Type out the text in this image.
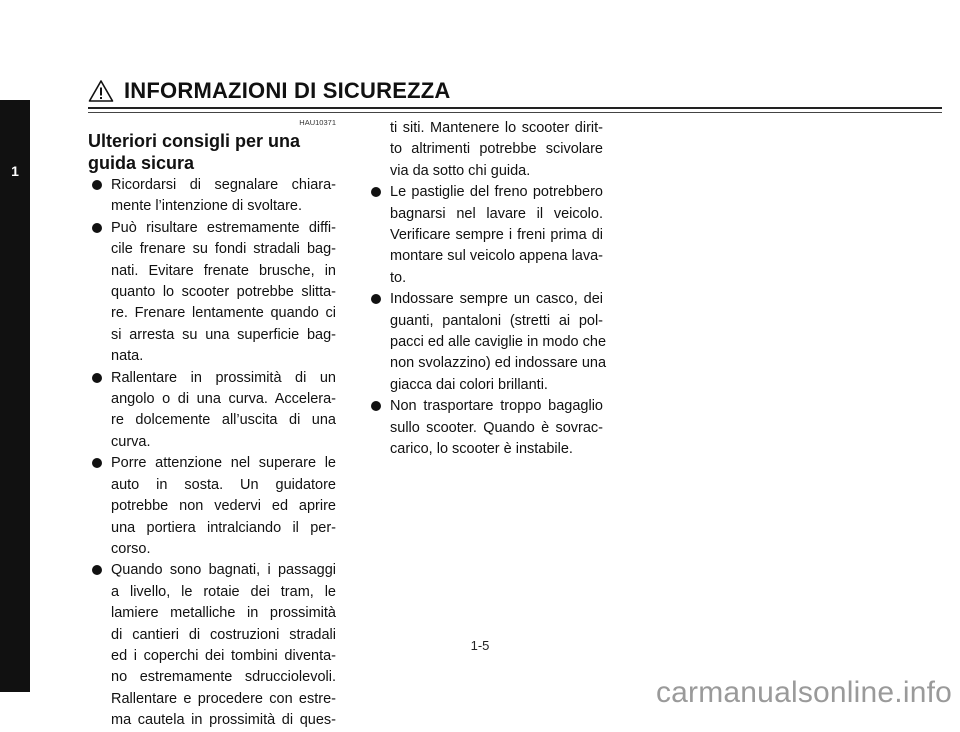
INFORMAZIONI DI SICUREZZA
1
HAU10371
Ulteriori consigli per una
guida sicura
Ricordarsi di segnalare chiara-
mente l’intenzione di svoltare.
Può risultare estremamente diffi-
cile frenare su fondi stradali bag-
nati. Evitare frenate brusche, in
quanto lo scooter potrebbe slitta-
re. Frenare lentamente quando ci
si arresta su una superficie bag-
nata.
Rallentare in prossimità di un
angolo o di una curva. Accelera-
re dolcemente all’uscita di una
curva.
Porre attenzione nel superare le
auto in sosta. Un guidatore
potrebbe non vedervi ed aprire
una portiera intralciando il per-
corso.
Quando sono bagnati, i passaggi
a livello, le rotaie dei tram, le
lamiere metalliche in prossimità
di cantieri di costruzioni stradali
ed i coperchi dei tombini diventa-
no estremamente sdrucciolevoli.
Rallentare e procedere con estre-
ma cautela in prossimità di ques-
ti siti. Mantenere lo scooter dirit-
to altrimenti potrebbe scivolare
via da sotto chi guida.
Le pastiglie del freno potrebbero
bagnarsi nel lavare il veicolo.
Verificare sempre i freni prima di
montare sul veicolo appena lava-
to.
Indossare sempre un casco, dei
guanti, pantaloni (stretti ai pol-
pacci ed alle caviglie in modo che
non svolazzino) ed indossare una
giacca dai colori brillanti.
Non trasportare troppo bagaglio
sullo scooter. Quando è sovrac-
carico, lo scooter è instabile.
1-5
carmanualsonline.info
